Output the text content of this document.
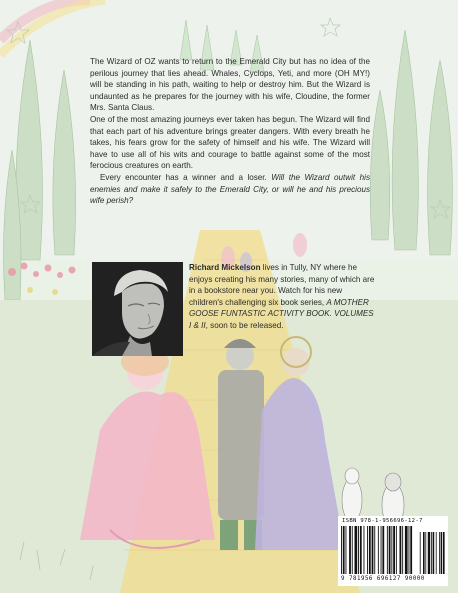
The Wizard of OZ wants to return to the Emerald City but has no idea of the perilous journey that lies ahead. Whales, Cyclops, Yeti, and more (OH MY!) will be standing in his path, waiting to help or destroy him. But the Wizard is undaunted as he prepares for the journey with his wife, Cloudine, the former Mrs. Santa Claus.

One of the most amazing journeys ever taken has begun. The Wizard will find that each part of his adventure brings greater dangers. With every breath he takes, his fears grow for the safety of himself and his wife. The Wizard will have to use all of his wits and courage to battle against some of the most ferocious creatures on earth.

Every encounter has a winner and a loser. Will the Wizard outwit his enemies and make it safely to the Emerald City, or will he and his precious wife perish?

Richard Mickelson lives in Tully, NY where he enjoys creating his many stories, many of which are in a bookstore near you. Watch for his new children's challenging six book series, A MOTHER GOOSE FUNTASTIC ACTIVITY BOOK. VOLUMES I & II, soon to be released.
ISBN 978-1-956696-12-7
9 781956 696127 90000
